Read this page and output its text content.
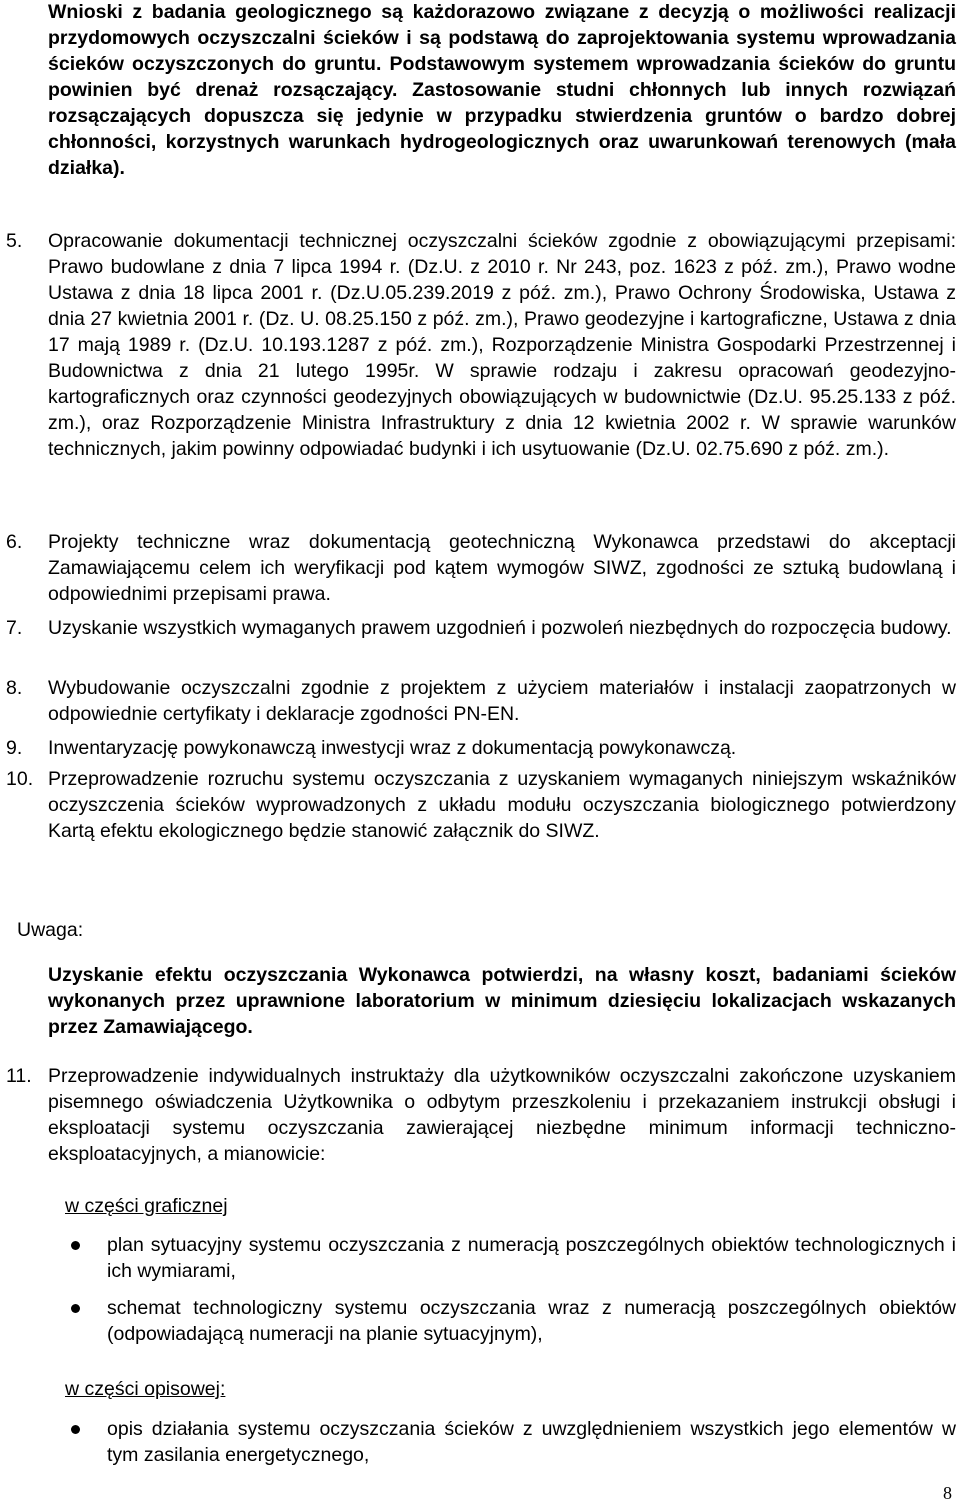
Wnioski z badania geologicznego są każdorazowo związane z decyzją o możliwości realizacji przydomowych oczyszczalni ścieków i są podstawą do zaprojektowania systemu wprowadzania ścieków oczyszczonych do gruntu. Podstawowym systemem wprowadzania ścieków do gruntu powinien być drenaż rozsączający. Zastosowanie studni chłonnych lub innych rozwiązań rozsączających dopuszcza się jedynie w przypadku stwierdzenia gruntów o bardzo dobrej chłonności, korzystnych warunkach hydrogeologicznych oraz uwarunkowań terenowych (mała działka).
5. Opracowanie dokumentacji technicznej oczyszczalni ścieków zgodnie z obowiązującymi przepisami: Prawo budowlane z dnia 7 lipca 1994 r. (Dz.U. z 2010 r. Nr 243, poz. 1623 z póź. zm.), Prawo wodne Ustawa z dnia 18 lipca 2001 r. (Dz.U.05.239.2019 z póź. zm.), Prawo Ochrony Środowiska, Ustawa z dnia 27 kwietnia 2001 r. (Dz. U. 08.25.150 z póź. zm.), Prawo geodezyjne i kartograficzne, Ustawa z dnia 17 mają 1989 r. (Dz.U. 10.193.1287 z póź. zm.), Rozporządzenie Ministra Gospodarki Przestrzennej i Budownictwa z dnia 21 lutego 1995r. W sprawie rodzaju i zakresu opracowań geodezyjno-kartograficznych oraz czynności geodezyjnych obowiązujących w budownictwie (Dz.U. 95.25.133 z póź. zm.), oraz Rozporządzenie Ministra Infrastruktury z dnia 12 kwietnia 2002 r. W sprawie warunków technicznych, jakim powinny odpowiadać budynki i ich usytuowanie (Dz.U. 02.75.690 z póź. zm.).
6. Projekty techniczne wraz dokumentacją geotechniczną Wykonawca przedstawi do akceptacji Zamawiającemu celem ich weryfikacji pod kątem wymogów SIWZ, zgodności ze sztuką budowlaną i odpowiednimi przepisami prawa.
7. Uzyskanie wszystkich wymaganych prawem uzgodnień i pozwoleń niezbędnych do rozpoczęcia budowy.
8. Wybudowanie oczyszczalni zgodnie z projektem z użyciem materiałów i instalacji zaopatrzonych w odpowiednie certyfikaty i deklaracje zgodności PN-EN.
9. Inwentaryzację powykonawczą inwestycji wraz z dokumentacją powykonawczą.
10. Przeprowadzenie rozruchu systemu oczyszczania z uzyskaniem wymaganych niniejszym wskaźników oczyszczenia ścieków wyprowadzonych z układu modułu oczyszczania biologicznego potwierdzony Kartą efektu ekologicznego będzie stanowić załącznik do SIWZ.
Uwaga:
Uzyskanie efektu oczyszczania Wykonawca potwierdzi, na własny koszt, badaniami ścieków wykonanych przez uprawnione laboratorium w minimum dziesięciu lokalizacjach wskazanych przez Zamawiającego.
11. Przeprowadzenie indywidualnych instruktaży dla użytkowników oczyszczalni zakończone uzyskaniem pisemnego oświadczenia Użytkownika o odbytym przeszkoleniu i przekazaniem instrukcji obsługi i eksploatacji systemu oczyszczania zawierającej niezbędne minimum informacji techniczno-eksploatacyjnych, a mianowicie:
w części graficznej
plan sytuacyjny systemu oczyszczania z numeracją poszczególnych obiektów technologicznych i ich wymiarami,
schemat technologiczny systemu oczyszczania wraz z numeracją poszczególnych obiektów (odpowiadającą numeracji na planie sytuacyjnym),
w części opisowej:
opis działania systemu oczyszczania ścieków z uwzględnieniem wszystkich jego elementów w tym zasilania energetycznego,
8
